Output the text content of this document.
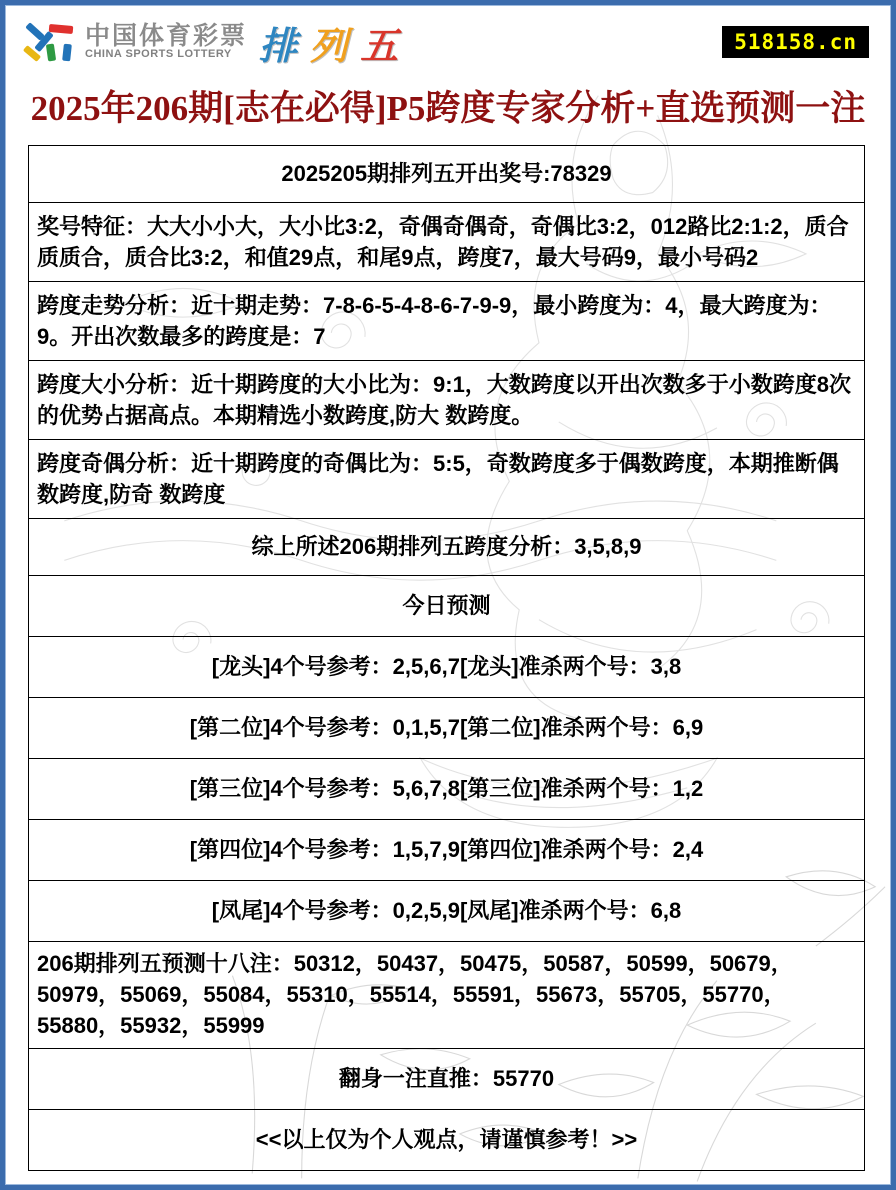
中国体育彩票
CHINA SPORTS LOTTERY 排 列 五	518158.cn
2025年206期[志在必得]P5跨度专家分析+直选预测一注
2025205期排列五开出奖号:78329
奖号特征：大大小小大，大小比3:2，奇偶奇偶奇，奇偶比3:2，012路比2:1:2，质合质质合，质合比3:2，和值29点，和尾9点，跨度7，最大号码9，最小号码2
跨度走势分析：近十期走势：7-8-6-5-4-8-6-7-9-9，最小跨度为：4，最大跨度为：9。开出次数最多的跨度是：7
跨度大小分析：近十期跨度的大小比为：9:1，大数跨度以开出次数多于小数跨度8次的优势占据高点。本期精选小数跨度,防大 数跨度。
跨度奇偶分析：近十期跨度的奇偶比为：5:5，奇数跨度多于偶数跨度，本期推断偶数跨度,防奇 数跨度
综上所述206期排列五跨度分析：3,5,8,9
今日预测
[龙头]4个号参考：2,5,6,7[龙头]准杀两个号：3,8
[第二位]4个号参考：0,1,5,7[第二位]准杀两个号：6,9
[第三位]4个号参考：5,6,7,8[第三位]准杀两个号：1,2
[第四位]4个号参考：1,5,7,9[第四位]准杀两个号：2,4
[凤尾]4个号参考：0,2,5,9[凤尾]准杀两个号：6,8
206期排列五预测十八注：50312，50437，50475，50587，50599，50679，50979，55069，55084，55310，55514，55591，55673，55705，55770，55880，55932，55999
翻身一注直推：55770
<<以上仅为个人观点，请谨慎参考！>>
